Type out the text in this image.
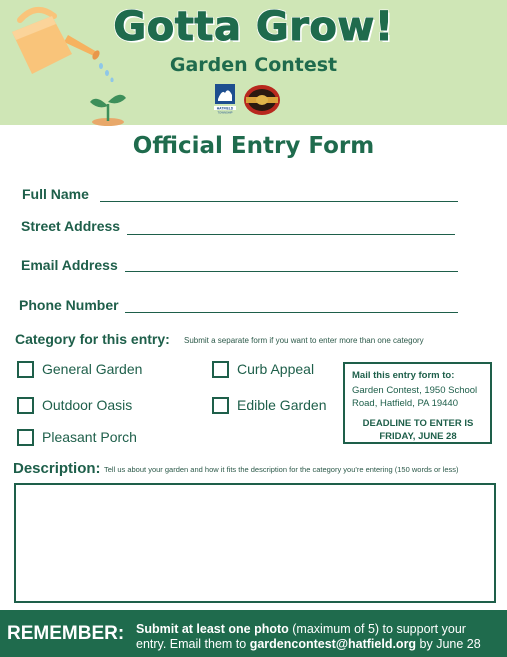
Gotta Grow!
Garden Contest
HATFIELD
TOWNSHIP
Official Entry Form
Full Name
Street Address
Email Address
Phone Number
Category for this entry: Submit a separate form if you want to enter more than one category
General Garden
Outdoor Oasis
Pleasant Porch
Curb Appeal
Edible Garden
Mail this entry form to:
Garden Contest, 1950 School Road, Hatfield, PA 19440
DEADLINE TO ENTER IS FRIDAY, JUNE 28
Description: Tell us about your garden and how it fits the description for the category you're entering (150 words or less)
REMEMBER: Submit at least one photo (maximum of 5) to support your
entry. Email them to gardencontest@hatfield.org by June 28
